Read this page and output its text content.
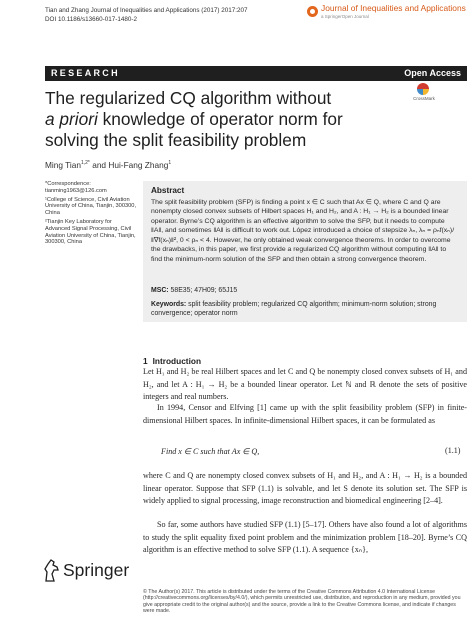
Tian and Zhang Journal of Inequalities and Applications (2017) 2017:207
DOI 10.1186/s13660-017-1480-2
Journal of Inequalities and Applications
a SpringerOpen Journal
RESEARCH	Open Access
CrossMark
The regularized CQ algorithm without
a priori knowledge of operator norm for solving the split feasibility problem
Ming Tian$^{1,2*}$ and Hui-Fang Zhang$^1$

*Correspondence: tianming1963@126.com

¹College of Science, Civil Aviation University of China, Tianjin, 300300, China

²Tianjin Key Laboratory for Advanced Signal Processing, Civil Aviation University of China, Tianjin, 300300, China

Abstract
The split feasibility problem (SFP) is finding a point x ∈ C such that Ax ∈ Q, where C and Q are nonempty closed convex subsets of Hilbert spaces H₁ and H₂, and A : H₁ → H₂ is a bounded linear operator. Byrne’s CQ algorithm is an effective algorithm to solve the SFP, but it needs to compute ‖A‖, and sometimes ‖A‖ is difficult to work out. López introduced a choice of stepsize λₙ, λₙ = ρₙf(xₙ)/‖∇f(xₙ)‖², 0 < ρₙ < 4. However, he only obtained weak convergence theorems. In order to overcome the drawbacks, in this paper, we first provide a regularized CQ algorithm without computing ‖A‖ to find the minimum-norm solution of the SFP and then obtain a strong convergence theorem.
MSC: 58E35; 47H09; 65J15
Keywords: split feasibility problem; regularized CQ algorithm; minimum-norm solution; strong convergence; operator norm
1 Introduction
Let H₁ and H₂ be real Hilbert spaces and let C and Q be nonempty closed convex subsets of H₁ and H₂, and let A : H₁ → H₂ be a bounded linear operator. Let ℕ and ℝ denote the sets of positive integers and real numbers.
In 1994, Censor and Elfving [1] came up with the split feasibility problem (SFP) in finite-dimensional Hilbert spaces. In infinite-dimensional Hilbert spaces, it can be formulated as
Find x ∈ C such that Ax ∈ Q,	(1.1)
where C and Q are nonempty closed convex subsets of H₁ and H₂, and A : H₁ → H₂ is a bounded linear operator. Suppose that SFP (1.1) is solvable, and let S denote its solution set. The SFP is widely applied to signal processing, image reconstruction and biomedical engineering [2–4].
So far, some authors have studied SFP (1.1) [5–17]. Others have also found a lot of algorithms to study the split equality fixed point problem and the minimization problem [18–20]. Byrne’s CQ algorithm is an effective method to solve SFP (1.1). A sequence {xₙ},
Springer
© The Author(s) 2017. This article is distributed under the terms of the Creative Commons Attribution 4.0 International License (http://creativecommons.org/licenses/by/4.0/), which permits unrestricted use, distribution, and reproduction in any medium, provided you give appropriate credit to the original author(s) and the source, provide a link to the Creative Commons license, and indicate if changes were made.
